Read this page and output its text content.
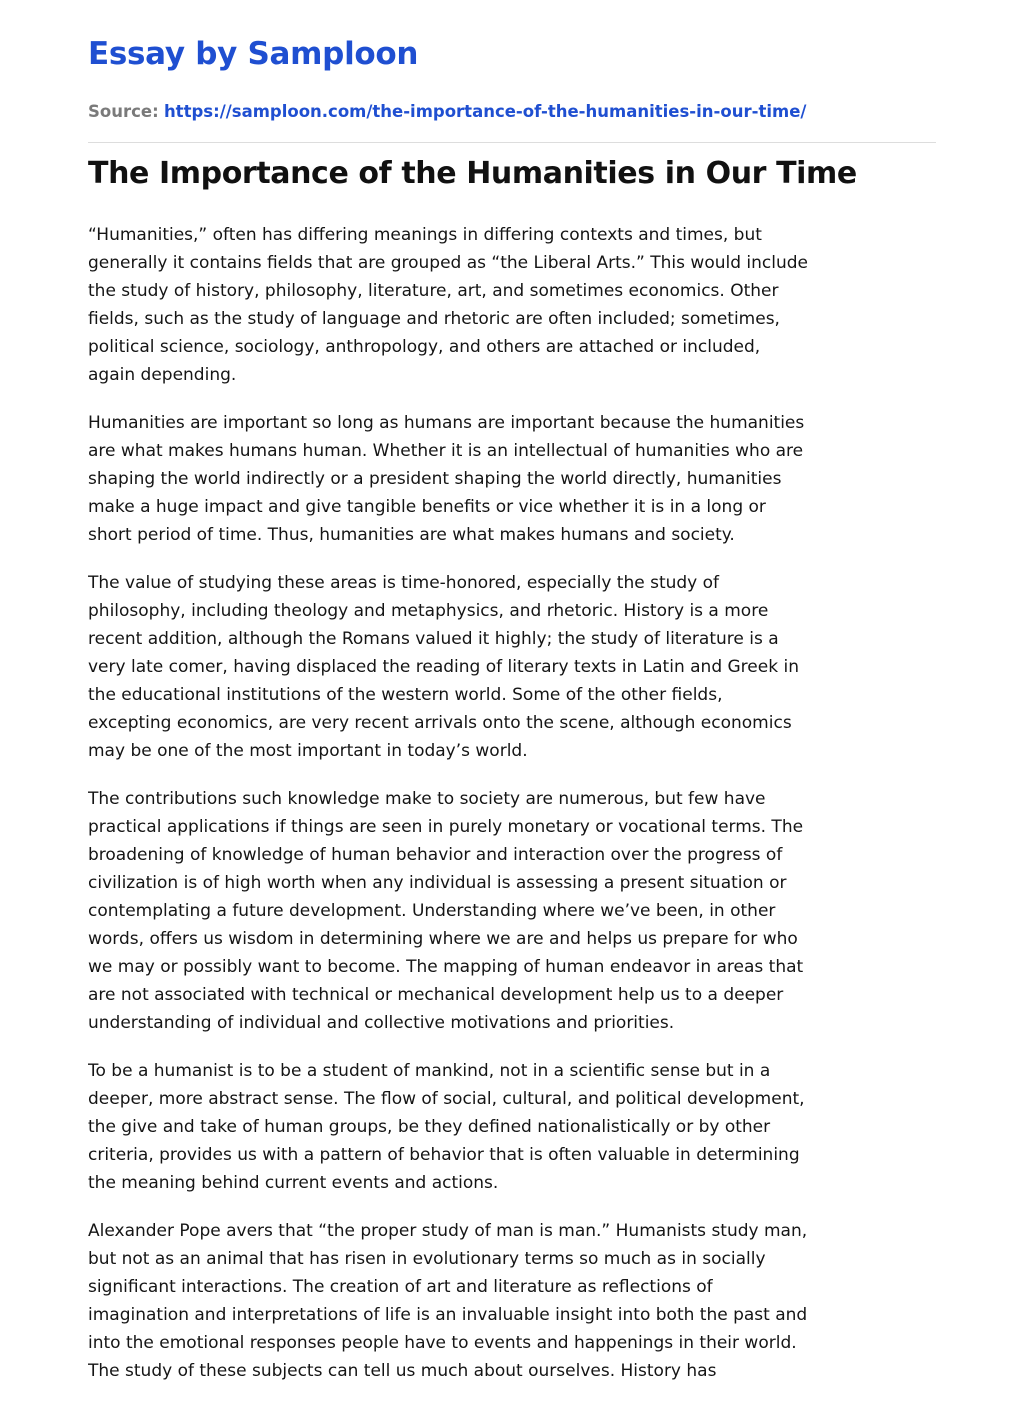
Essay by Samploon
Source: https://samploon.com/the-importance-of-the-humanities-in-our-time/
The Importance of the Humanities in Our Time

“Humanities,” often has differing meanings in differing contexts and times, but
generally it contains fields that are grouped as “the Liberal Arts.” This would include
the study of history, philosophy, literature, art, and sometimes economics. Other
fields, such as the study of language and rhetoric are often included; sometimes,
political science, sociology, anthropology, and others are attached or included,
again depending.

Humanities are important so long as humans are important because the humanities
are what makes humans human. Whether it is an intellectual of humanities who are
shaping the world indirectly or a president shaping the world directly, humanities
make a huge impact and give tangible benefits or vice whether it is in a long or
short period of time. Thus, humanities are what makes humans and society.

The value of studying these areas is time-honored, especially the study of
philosophy, including theology and metaphysics, and rhetoric. History is a more
recent addition, although the Romans valued it highly; the study of literature is a
very late comer, having displaced the reading of literary texts in Latin and Greek in
the educational institutions of the western world. Some of the other fields,
excepting economics, are very recent arrivals onto the scene, although economics
may be one of the most important in today’s world.

The contributions such knowledge make to society are numerous, but few have
practical applications if things are seen in purely monetary or vocational terms. The
broadening of knowledge of human behavior and interaction over the progress of
civilization is of high worth when any individual is assessing a present situation or
contemplating a future development. Understanding where we’ve been, in other
words, offers us wisdom in determining where we are and helps us prepare for who
we may or possibly want to become. The mapping of human endeavor in areas that
are not associated with technical or mechanical development help us to a deeper
understanding of individual and collective motivations and priorities.

To be a humanist is to be a student of mankind, not in a scientific sense but in a
deeper, more abstract sense. The flow of social, cultural, and political development,
the give and take of human groups, be they defined nationalistically or by other
criteria, provides us with a pattern of behavior that is often valuable in determining
the meaning behind current events and actions.

Alexander Pope avers that “the proper study of man is man.” Humanists study man,
but not as an animal that has risen in evolutionary terms so much as in socially
significant interactions. The creation of art and literature as reflections of
imagination and interpretations of life is an invaluable insight into both the past and
into the emotional responses people have to events and happenings in their world.
The study of these subjects can tell us much about ourselves. History has
